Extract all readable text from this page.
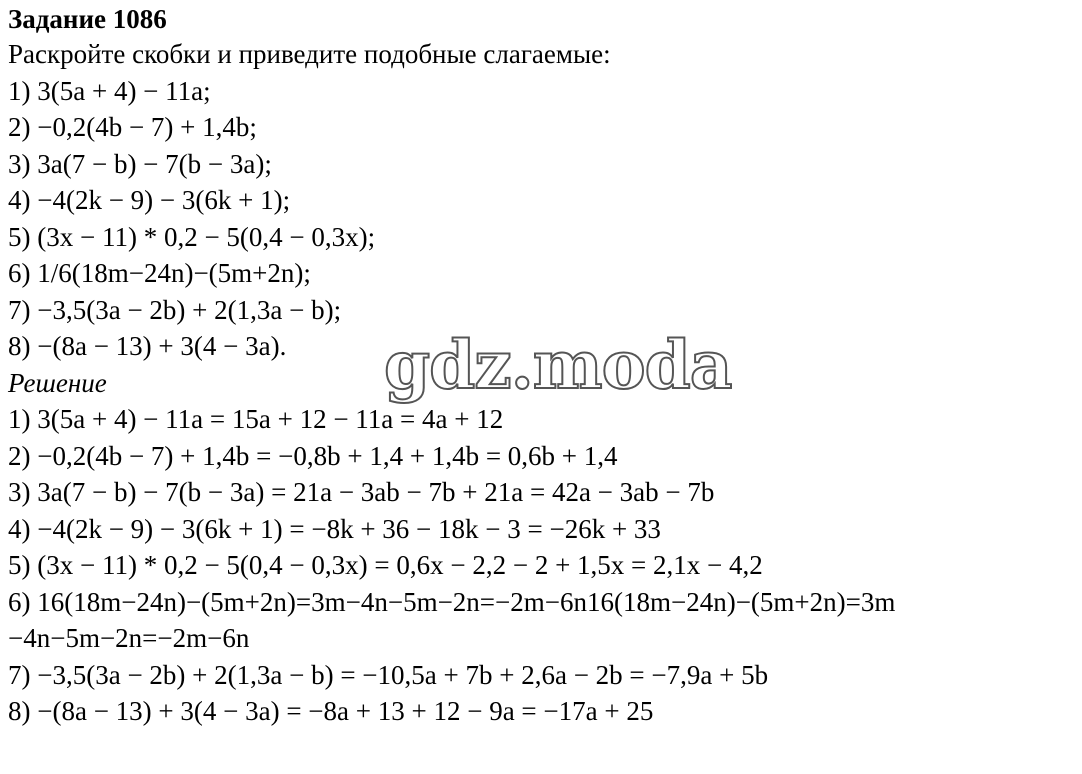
Задание 1086
Раскройте скобки и приведите подобные слагаемые:
1) 3(5a + 4) − 11a;
2) −0,2(4b − 7) + 1,4b;
3) 3a(7 − b) − 7(b − 3a);
4) −4(2k − 9) − 3(6k + 1);
5) (3x − 11) * 0,2 − 5(0,4 − 0,3x);
6) 1/6(18m−24n)−(5m+2n);
7) −3,5(3a − 2b) + 2(1,3a − b);
8) −(8a − 13) + 3(4 − 3a).
Решение
1) 3(5a + 4) − 11a = 15a + 12 − 11a = 4a + 12
2) −0,2(4b − 7) + 1,4b = −0,8b + 1,4 + 1,4b = 0,6b + 1,4
3) 3a(7 − b) − 7(b − 3a) = 21a − 3ab − 7b + 21a = 42a − 3ab − 7b
4) −4(2k − 9) − 3(6k + 1) = −8k + 36 − 18k − 3 = −26k + 33
5) (3x − 11) * 0,2 − 5(0,4 − 0,3x) = 0,6x − 2,2 − 2 + 1,5x = 2,1x − 4,2
6) 16(18m−24n)−(5m+2n)=3m−4n−5m−2n=−2m−6n16(18m−24n)−(5m+2n)=3m
−4n−5m−2n=−2m−6n
7) −3,5(3a − 2b) + 2(1,3a − b) = −10,5a + 7b + 2,6a − 2b = −7,9a + 5b
8) −(8a − 13) + 3(4 − 3a) = −8a + 13 + 12 − 9a = −17a + 25
gdz.moda
